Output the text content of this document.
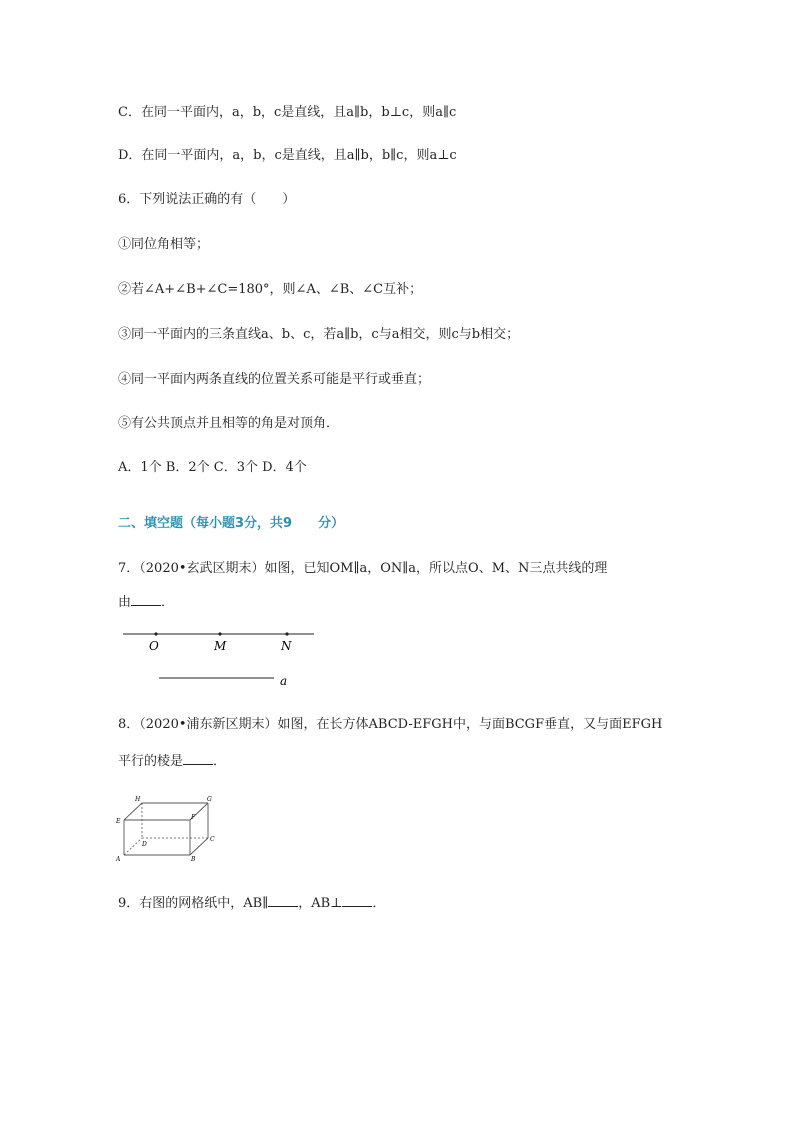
C．在同一平面内，a，b，c是直线，且a∥b，b⊥c，则a∥c
D．在同一平面内，a，b，c是直线，且a∥b，b∥c，则a⊥c
6．下列说法正确的有（　　）
①同位角相等；
②若∠A+∠B+∠C=180°，则∠A、∠B、∠C互补；
③同一平面内的三条直线a、b、c，若a∥b，c与a相交，则c与b相交；
④同一平面内两条直线的位置关系可能是平行或垂直；
⑤有公共顶点并且相等的角是对顶角．
A．1个 B．2个 C．3个 D．4个
二、填空题（每小题3分，共9　　分）
7．（2020•玄武区期末）如图，已知OM∥a，ON∥a，所以点O、M、N三点共线的理
由 ．
O	M	N
a
8．（2020•浦东新区期末）如图，在长方体ABCD-EFGH中，与面BCGF垂直，又与面EFGH
平行的棱是 ．
A	B
C
D
E
F
G
H
9．右图的网格纸中，AB∥ ，AB⊥ ．
